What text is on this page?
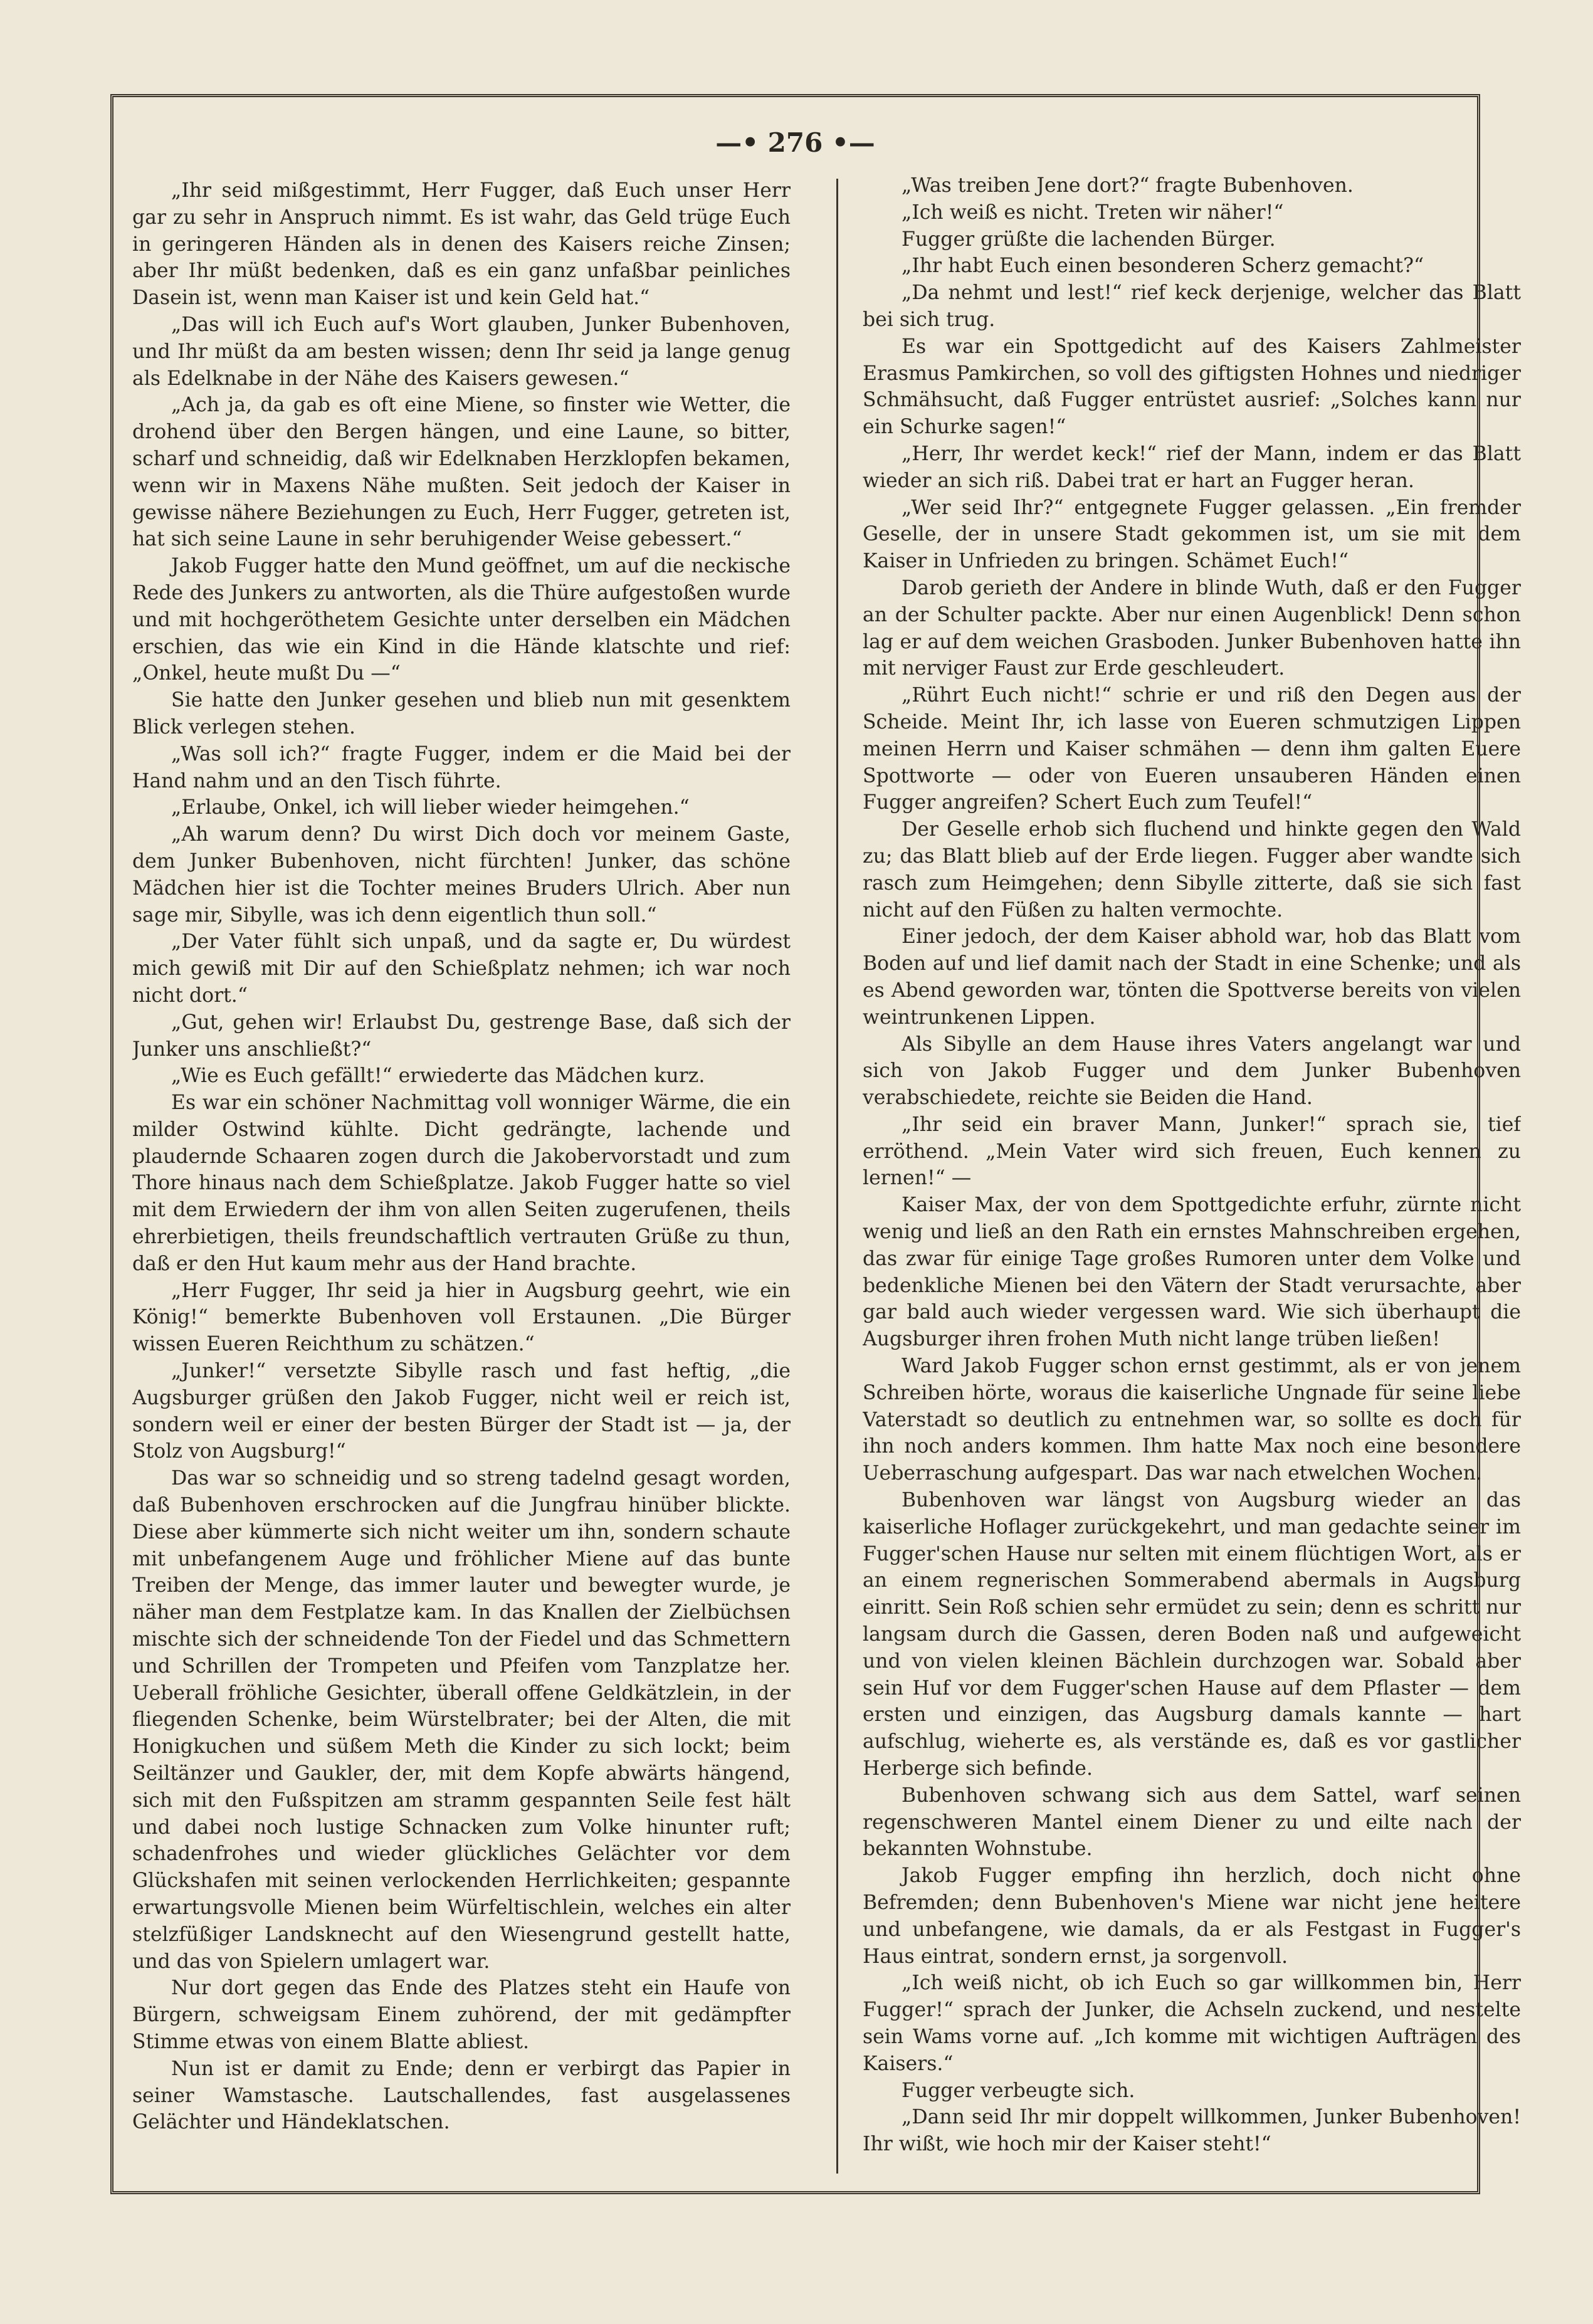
—• 276 •—

„Ihr seid mißgestimmt, Herr Fugger, daß Euch unser Herr gar zu sehr in Anspruch nimmt. Es ist wahr, das Geld trüge Euch in geringeren Händen als in denen des Kaisers reiche Zinsen; aber Ihr müßt bedenken, daß es ein ganz unfaßbar peinliches Dasein ist, wenn man Kaiser ist und kein Geld hat.“

„Das will ich Euch auf's Wort glauben, Junker Bubenhoven, und Ihr müßt da am besten wissen; denn Ihr seid ja lange genug als Edelknabe in der Nähe des Kaisers gewesen.“

„Ach ja, da gab es oft eine Miene, so finster wie Wetter, die drohend über den Bergen hängen, und eine Laune, so bitter, scharf und schneidig, daß wir Edelknaben Herzklopfen bekamen, wenn wir in Maxens Nähe mußten. Seit jedoch der Kaiser in gewisse nähere Beziehungen zu Euch, Herr Fugger, getreten ist, hat sich seine Laune in sehr beruhigender Weise gebessert.“

Jakob Fugger hatte den Mund geöffnet, um auf die neckische Rede des Junkers zu antworten, als die Thüre aufgestoßen wurde und mit hochgeröthetem Gesichte unter derselben ein Mädchen erschien, das wie ein Kind in die Hände klatschte und rief: „Onkel, heute mußt Du —“

Sie hatte den Junker gesehen und blieb nun mit gesenktem Blick verlegen stehen.

„Was soll ich?“ fragte Fugger, indem er die Maid bei der Hand nahm und an den Tisch führte.

„Erlaube, Onkel, ich will lieber wieder heimgehen.“

„Ah warum denn? Du wirst Dich doch vor meinem Gaste, dem Junker Bubenhoven, nicht fürchten! Junker, das schöne Mädchen hier ist die Tochter meines Bruders Ulrich. Aber nun sage mir, Sibylle, was ich denn eigentlich thun soll.“

„Der Vater fühlt sich unpaß, und da sagte er, Du würdest mich gewiß mit Dir auf den Schießplatz nehmen; ich war noch nicht dort.“

„Gut, gehen wir! Erlaubst Du, gestrenge Base, daß sich der Junker uns anschließt?“

„Wie es Euch gefällt!“ erwiederte das Mädchen kurz.

Es war ein schöner Nachmittag voll wonniger Wärme, die ein milder Ostwind kühlte. Dicht gedrängte, lachende und plaudernde Schaaren zogen durch die Jakobervorstadt und zum Thore hinaus nach dem Schießplatze. Jakob Fugger hatte so viel mit dem Erwiedern der ihm von allen Seiten zugerufenen, theils ehrerbietigen, theils freundschaftlich vertrauten Grüße zu thun, daß er den Hut kaum mehr aus der Hand brachte.

„Herr Fugger, Ihr seid ja hier in Augsburg geehrt, wie ein König!“ bemerkte Bubenhoven voll Erstaunen. „Die Bürger wissen Eueren Reichthum zu schätzen.“

„Junker!“ versetzte Sibylle rasch und fast heftig, „die Augsburger grüßen den Jakob Fugger, nicht weil er reich ist, sondern weil er einer der besten Bürger der Stadt ist — ja, der Stolz von Augsburg!“

Das war so schneidig und so streng tadelnd gesagt worden, daß Bubenhoven erschrocken auf die Jungfrau hinüber blickte. Diese aber kümmerte sich nicht weiter um ihn, sondern schaute mit unbefangenem Auge und fröhlicher Miene auf das bunte Treiben der Menge, das immer lauter und bewegter wurde, je näher man dem Festplatze kam. In das Knallen der Zielbüchsen mischte sich der schneidende Ton der Fiedel und das Schmettern und Schrillen der Trompeten und Pfeifen vom Tanzplatze her. Ueberall fröhliche Gesichter, überall offene Geldkätzlein, in der fliegenden Schenke, beim Würstelbrater; bei der Alten, die mit Honigkuchen und süßem Meth die Kinder zu sich lockt; beim Seiltänzer und Gaukler, der, mit dem Kopfe abwärts hängend, sich mit den Fußspitzen am stramm gespannten Seile fest hält und dabei noch lustige Schnacken zum Volke hinunter ruft; schadenfrohes und wieder glückliches Gelächter vor dem Glückshafen mit seinen verlockenden Herrlichkeiten; gespannte erwartungsvolle Mienen beim Würfeltischlein, welches ein alter stelzfüßiger Landsknecht auf den Wiesengrund gestellt hatte, und das von Spielern umlagert war.

Nur dort gegen das Ende des Platzes steht ein Haufe von Bürgern, schweigsam Einem zuhörend, der mit gedämpfter Stimme etwas von einem Blatte abliest.

Nun ist er damit zu Ende; denn er verbirgt das Papier in seiner Wamstasche. Lautschallendes, fast ausgelassenes Gelächter und Händeklatschen.

„Was treiben Jene dort?“ fragte Bubenhoven.

„Ich weiß es nicht. Treten wir näher!“

Fugger grüßte die lachenden Bürger.

„Ihr habt Euch einen besonderen Scherz gemacht?“

„Da nehmt und lest!“ rief keck derjenige, welcher das Blatt bei sich trug.

Es war ein Spottgedicht auf des Kaisers Zahlmeister Erasmus Pamkirchen, so voll des giftigsten Hohnes und niedriger Schmähsucht, daß Fugger entrüstet ausrief: „Solches kann nur ein Schurke sagen!“

„Herr, Ihr werdet keck!“ rief der Mann, indem er das Blatt wieder an sich riß. Dabei trat er hart an Fugger heran.

„Wer seid Ihr?“ entgegnete Fugger gelassen. „Ein fremder Geselle, der in unsere Stadt gekommen ist, um sie mit dem Kaiser in Unfrieden zu bringen. Schämet Euch!“

Darob gerieth der Andere in blinde Wuth, daß er den Fugger an der Schulter packte. Aber nur einen Augenblick! Denn schon lag er auf dem weichen Grasboden. Junker Bubenhoven hatte ihn mit nerviger Faust zur Erde geschleudert.

„Rührt Euch nicht!“ schrie er und riß den Degen aus der Scheide. Meint Ihr, ich lasse von Eueren schmutzigen Lippen meinen Herrn und Kaiser schmähen — denn ihm galten Euere Spottworte — oder von Eueren unsauberen Händen einen Fugger angreifen? Schert Euch zum Teufel!“

Der Geselle erhob sich fluchend und hinkte gegen den Wald zu; das Blatt blieb auf der Erde liegen. Fugger aber wandte sich rasch zum Heimgehen; denn Sibylle zitterte, daß sie sich fast nicht auf den Füßen zu halten vermochte.

Einer jedoch, der dem Kaiser abhold war, hob das Blatt vom Boden auf und lief damit nach der Stadt in eine Schenke; und als es Abend geworden war, tönten die Spottverse bereits von vielen weintrunkenen Lippen.

Als Sibylle an dem Hause ihres Vaters angelangt war und sich von Jakob Fugger und dem Junker Bubenhoven verabschiedete, reichte sie Beiden die Hand.

„Ihr seid ein braver Mann, Junker!“ sprach sie, tief erröthend. „Mein Vater wird sich freuen, Euch kennen zu lernen!“ —

Kaiser Max, der von dem Spottgedichte erfuhr, zürnte nicht wenig und ließ an den Rath ein ernstes Mahnschreiben ergehen, das zwar für einige Tage großes Rumoren unter dem Volke und bedenkliche Mienen bei den Vätern der Stadt verursachte, aber gar bald auch wieder vergessen ward. Wie sich überhaupt die Augsburger ihren frohen Muth nicht lange trüben ließen!

Ward Jakob Fugger schon ernst gestimmt, als er von jenem Schreiben hörte, woraus die kaiserliche Ungnade für seine liebe Vaterstadt so deutlich zu entnehmen war, so sollte es doch für ihn noch anders kommen. Ihm hatte Max noch eine besondere Ueberraschung aufgespart. Das war nach etwelchen Wochen.

Bubenhoven war längst von Augsburg wieder an das kaiserliche Hoflager zurückgekehrt, und man gedachte seiner im Fugger'schen Hause nur selten mit einem flüchtigen Wort, als er an einem regnerischen Sommerabend abermals in Augsburg einritt. Sein Roß schien sehr ermüdet zu sein; denn es schritt nur langsam durch die Gassen, deren Boden naß und aufgeweicht und von vielen kleinen Bächlein durchzogen war. Sobald aber sein Huf vor dem Fugger'schen Hause auf dem Pflaster — dem ersten und einzigen, das Augsburg damals kannte — hart aufschlug, wieherte es, als verstände es, daß es vor gastlicher Herberge sich befinde.

Bubenhoven schwang sich aus dem Sattel, warf seinen regenschweren Mantel einem Diener zu und eilte nach der bekannten Wohnstube.

Jakob Fugger empfing ihn herzlich, doch nicht ohne Befremden; denn Bubenhoven's Miene war nicht jene heitere und unbefangene, wie damals, da er als Festgast in Fugger's Haus eintrat, sondern ernst, ja sorgenvoll.

„Ich weiß nicht, ob ich Euch so gar willkommen bin, Herr Fugger!“ sprach der Junker, die Achseln zuckend, und nestelte sein Wams vorne auf. „Ich komme mit wichtigen Aufträgen des Kaisers.“

Fugger verbeugte sich.

„Dann seid Ihr mir doppelt willkommen, Junker Bubenhoven! Ihr wißt, wie hoch mir der Kaiser steht!“
